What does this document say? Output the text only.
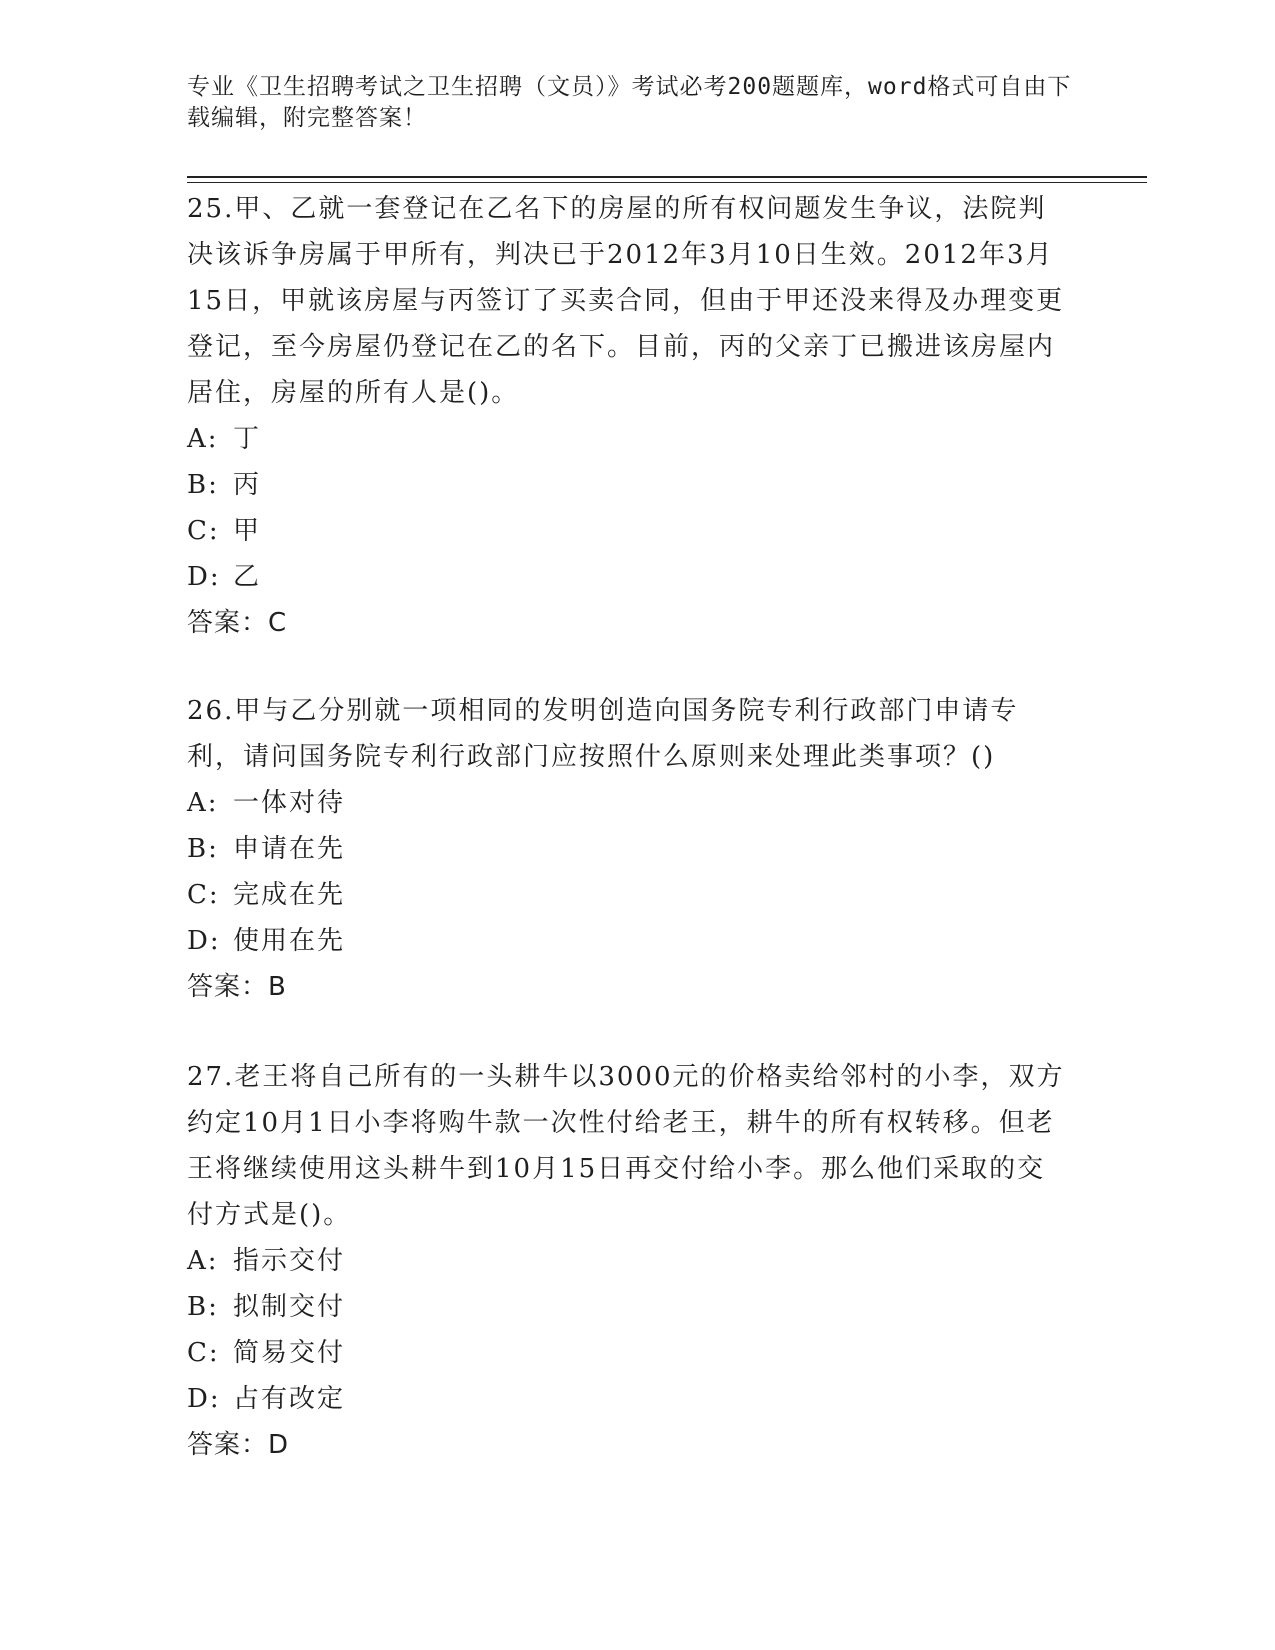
专业《卫生招聘考试之卫生招聘（文员）》考试必考200题题库，word格式可自由下载编辑，附完整答案！

25.甲、乙就一套登记在乙名下的房屋的所有权问题发生争议，法院判决该诉争房属于甲所有，判决已于2012年3月10日生效。2012年3月15日，甲就该房屋与丙签订了买卖合同，但由于甲还没来得及办理变更登记，至今房屋仍登记在乙的名下。目前，丙的父亲丁已搬进该房屋内居住，房屋的所有人是()。

A: 丁
B: 丙
C: 甲
D: 乙
答案：C

26.甲与乙分别就一项相同的发明创造向国务院专利行政部门申请专利，请问国务院专利行政部门应按照什么原则来处理此类事项？()

A: 一体对待
B: 申请在先
C: 完成在先
D: 使用在先
答案：B

27.老王将自己所有的一头耕牛以3000元的价格卖给邻村的小李，双方约定10月1日小李将购牛款一次性付给老王，耕牛的所有权转移。但老王将继续使用这头耕牛到10月15日再交付给小李。那么他们采取的交付方式是()。

A: 指示交付
B: 拟制交付
C: 简易交付
D: 占有改定
答案：D
